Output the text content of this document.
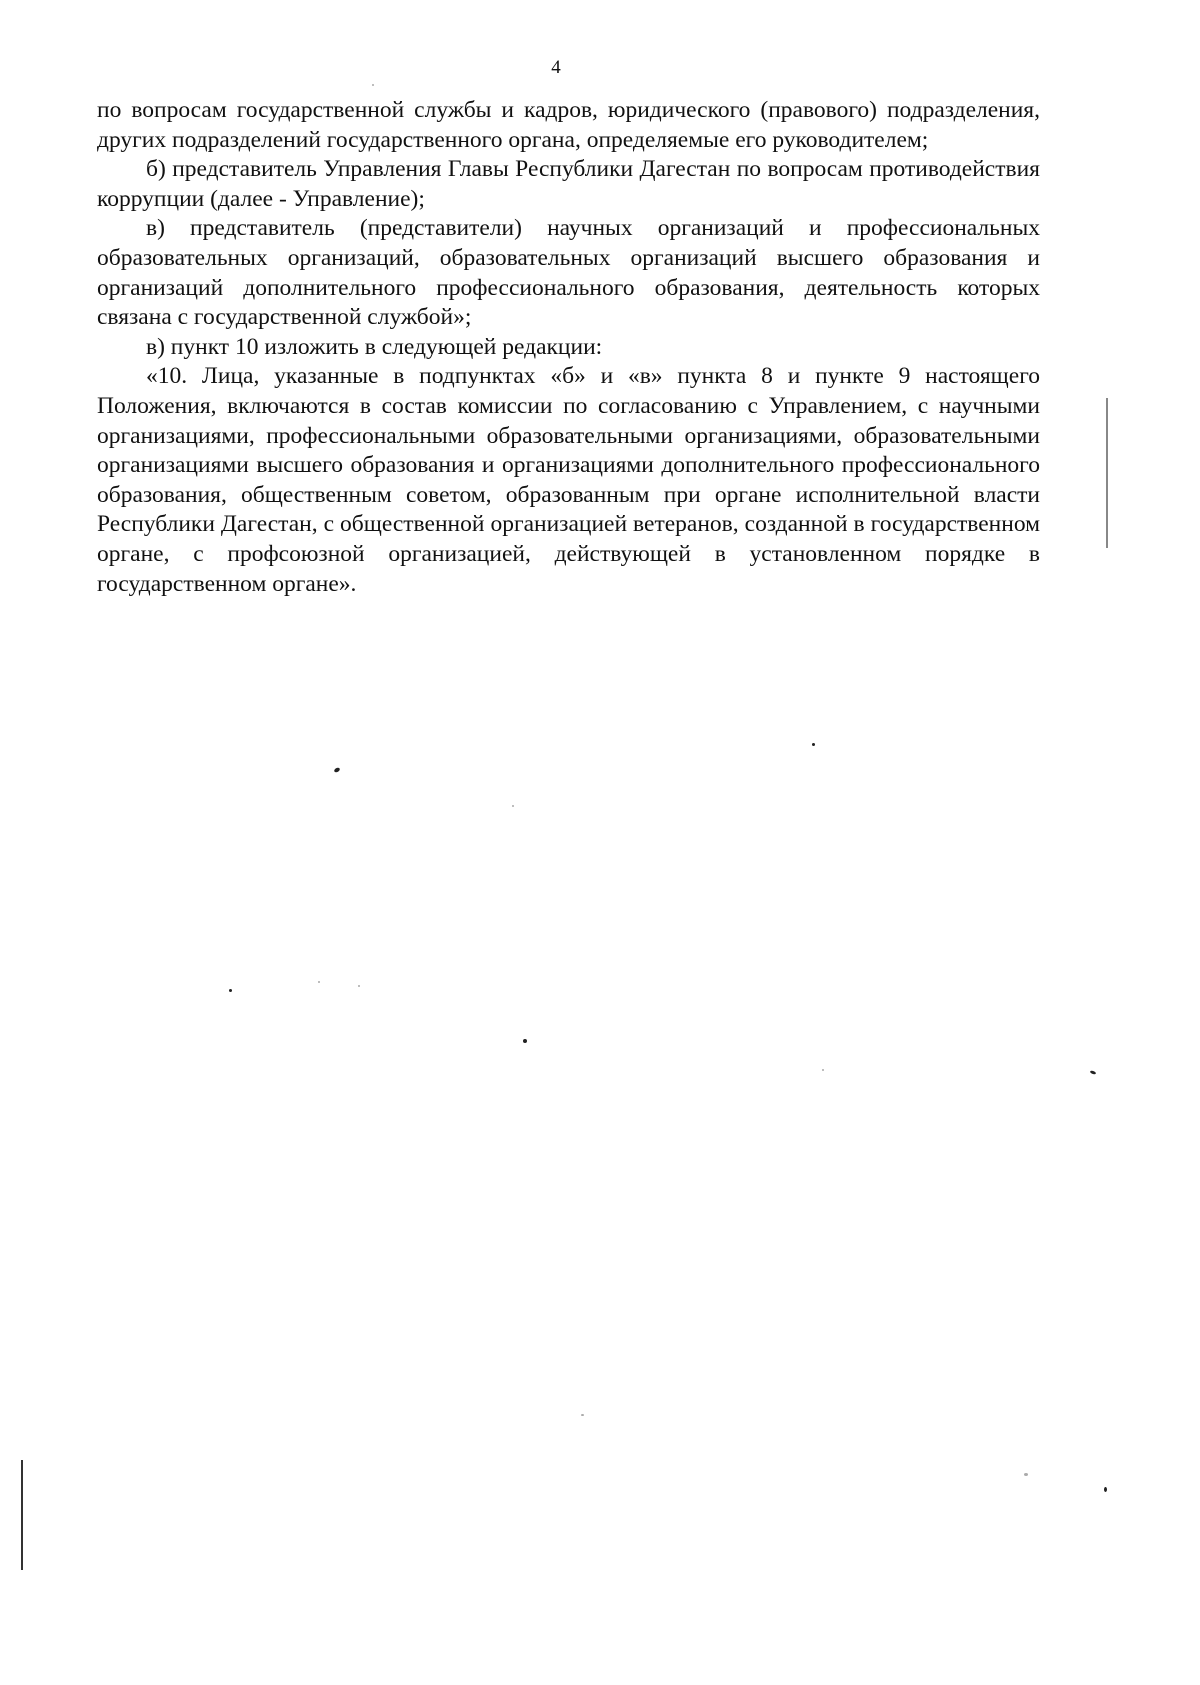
4

по вопросам государственной службы и кадров, юридического (правового) подразделения, других подразделений государственного органа, определяемые его руководителем;

б) представитель Управления Главы Республики Дагестан по вопросам противодействия коррупции (далее - Управление);

в) представитель (представители) научных организаций и профессиональных образовательных организаций, образовательных организаций высшего образования и организаций дополнительного профессионального образования, деятельность которых связана с государственной службой»;

в) пункт 10 изложить в следующей редакции:

«10. Лица, указанные в подпунктах «б» и «в» пункта 8 и пункте 9 настоящего Положения, включаются в состав комиссии по согласованию с Управлением, с научными организациями, профессиональными образовательными организациями, образовательными организациями высшего образования и организациями дополнительного профессионального образования, общественным советом, образованным при органе исполнительной власти Республики Дагестан, с общественной организацией ветеранов, созданной в государственном органе, с профсоюзной организацией, действующей в установленном порядке в государственном органе».
